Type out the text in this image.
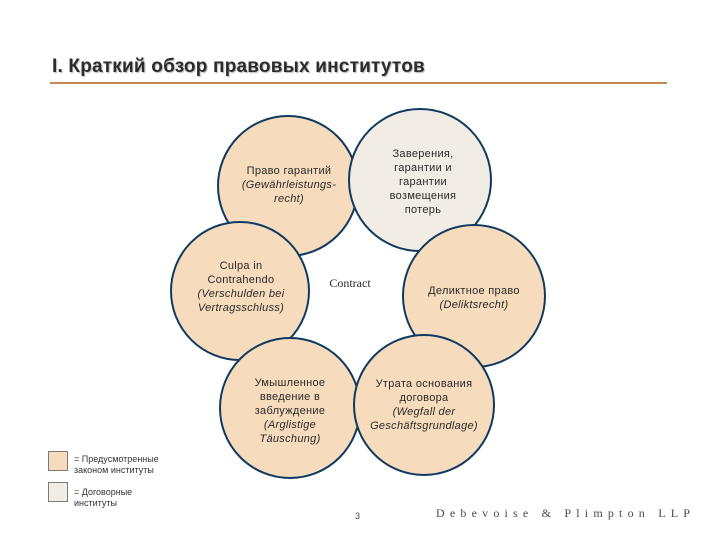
I. Краткий обзор правовых институтов
Право гарантий
(Gewährleistungs-
recht)
Заверения,
гарантии и
гарантии
возмещения
потерь
Culpa in
Contrahendo
(Verschulden bei
Vertragsschluss)
Contract
Деликтное право
(Deliktsrecht)
Умышленное
введение в
заблуждение
(Arglistige
Täuschung)
Утрата основания
договора
(Wegfall der
Geschäftsgrundlage)
= Предусмотренные законом институты
= Договорные институты
3	Debevoise & Plimpton LLP
